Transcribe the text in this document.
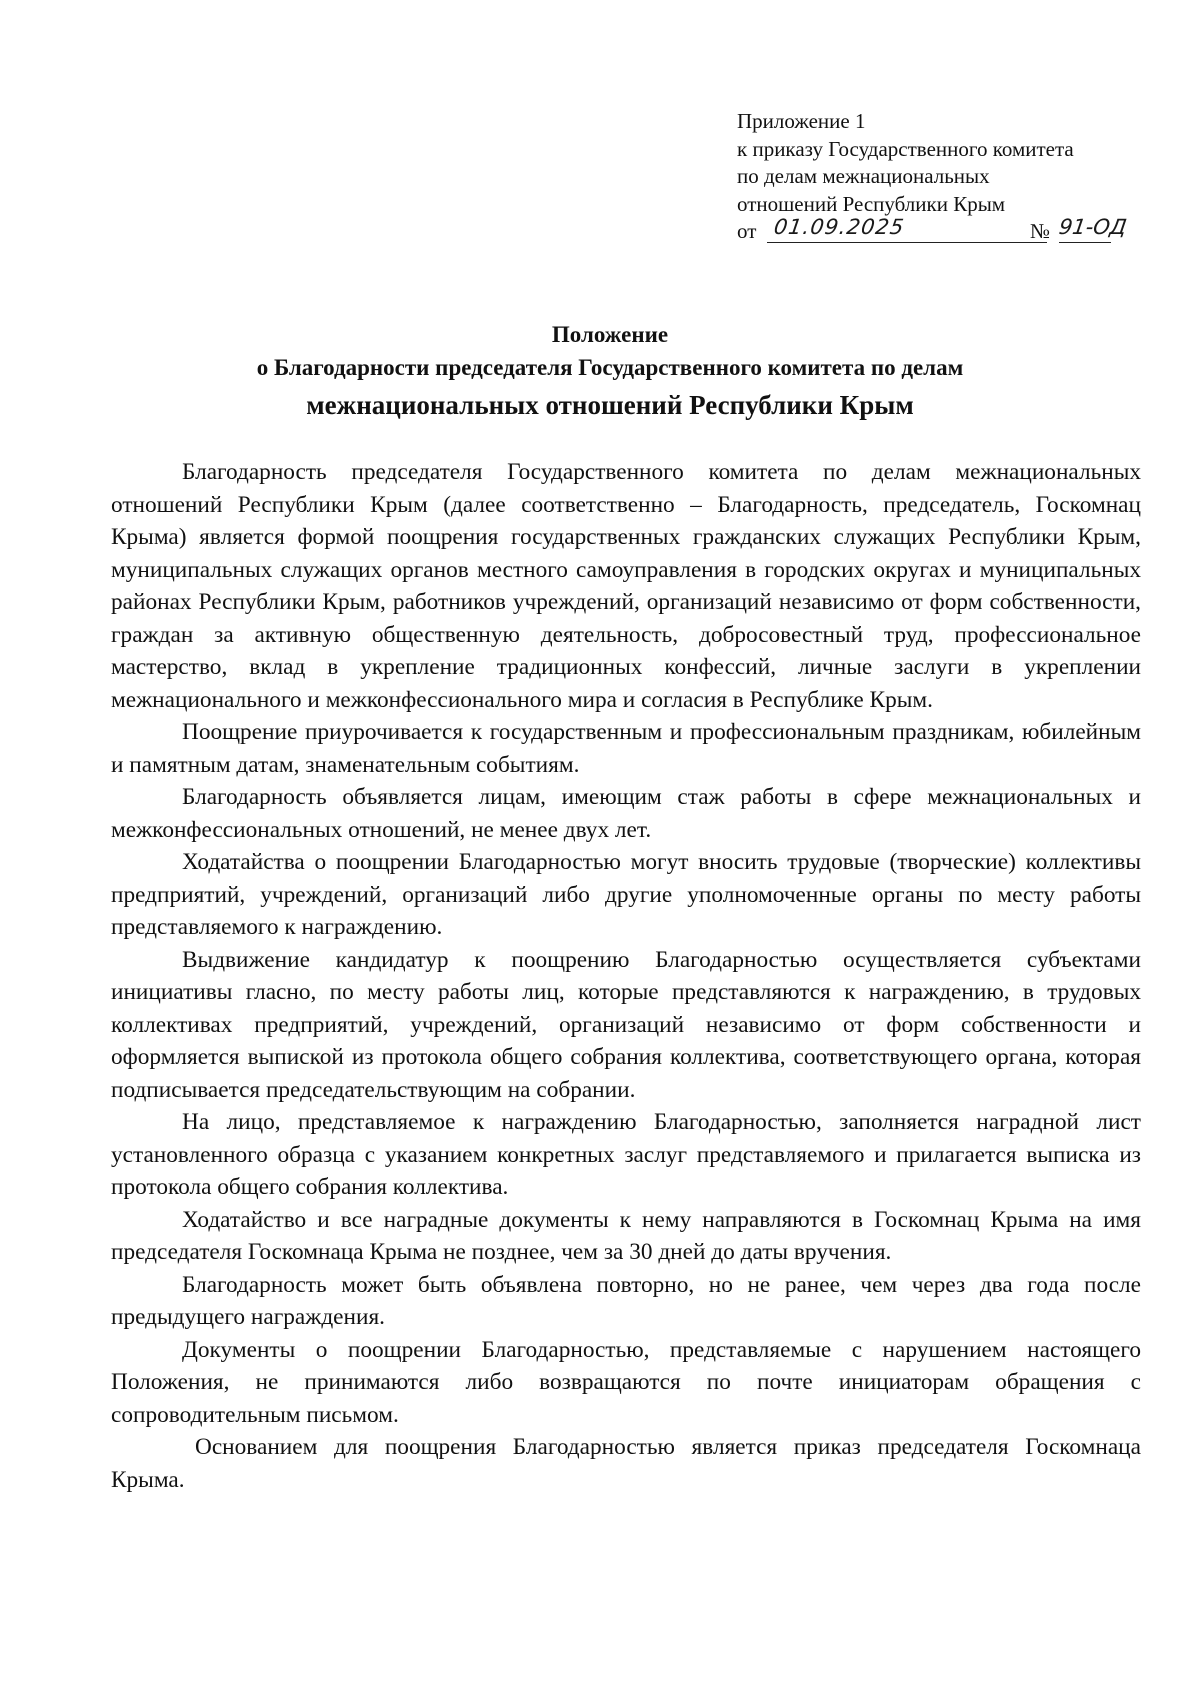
Приложение 1
к приказу Государственного комитета
по делам межнациональных
отношений Республики Крым
от 01.09.2025	№ 91-ОД
Положение
о Благодарности председателя Государственного комитета по делам
межнациональных отношений Республики Крым

Благодарность председателя Государственного комитета по делам межнациональных отношений Республики Крым (далее соответственно – Благодарность, председатель, Госкомнац Крыма) является формой поощрения государственных гражданских служащих Республики Крым, муниципальных служащих органов местного самоуправления в городских округах и муниципальных районах Республики Крым, работников учреждений, организаций независимо от форм собственности, граждан за активную общественную деятельность, добросовестный труд, профессиональное мастерство, вклад в укрепление традиционных конфессий, личные заслуги в укреплении межнационального и межконфессионального мира и согласия в Республике Крым.

Поощрение приурочивается к государственным и профессиональным праздникам, юбилейным и памятным датам, знаменательным событиям.

Благодарность объявляется лицам, имеющим стаж работы в сфере межнациональных и межконфессиональных отношений, не менее двух лет.

Ходатайства о поощрении Благодарностью могут вносить трудовые (творческие) коллективы предприятий, учреждений, организаций либо другие уполномоченные органы по месту работы представляемого к награждению.

Выдвижение кандидатур к поощрению Благодарностью осуществляется субъектами инициативы гласно, по месту работы лиц, которые представляются к награждению, в трудовых коллективах предприятий, учреждений, организаций независимо от форм собственности и оформляется выпиской из протокола общего собрания коллектива, соответствующего органа, которая подписывается председательствующим на собрании.

На лицо, представляемое к награждению Благодарностью, заполняется наградной лист установленного образца с указанием конкретных заслуг представляемого и прилагается выписка из протокола общего собрания коллектива.

Ходатайство и все наградные документы к нему направляются в Госкомнац Крыма на имя председателя Госкомнаца Крыма не позднее, чем за 30 дней до даты вручения.

Благодарность может быть объявлена повторно, но не ранее, чем через два года после предыдущего награждения.

Документы о поощрении Благодарностью, представляемые с нарушением настоящего Положения, не принимаются либо возвращаются по почте инициаторам обращения с сопроводительным письмом.

Основанием для поощрения Благодарностью является приказ председателя Госкомнаца Крыма.
